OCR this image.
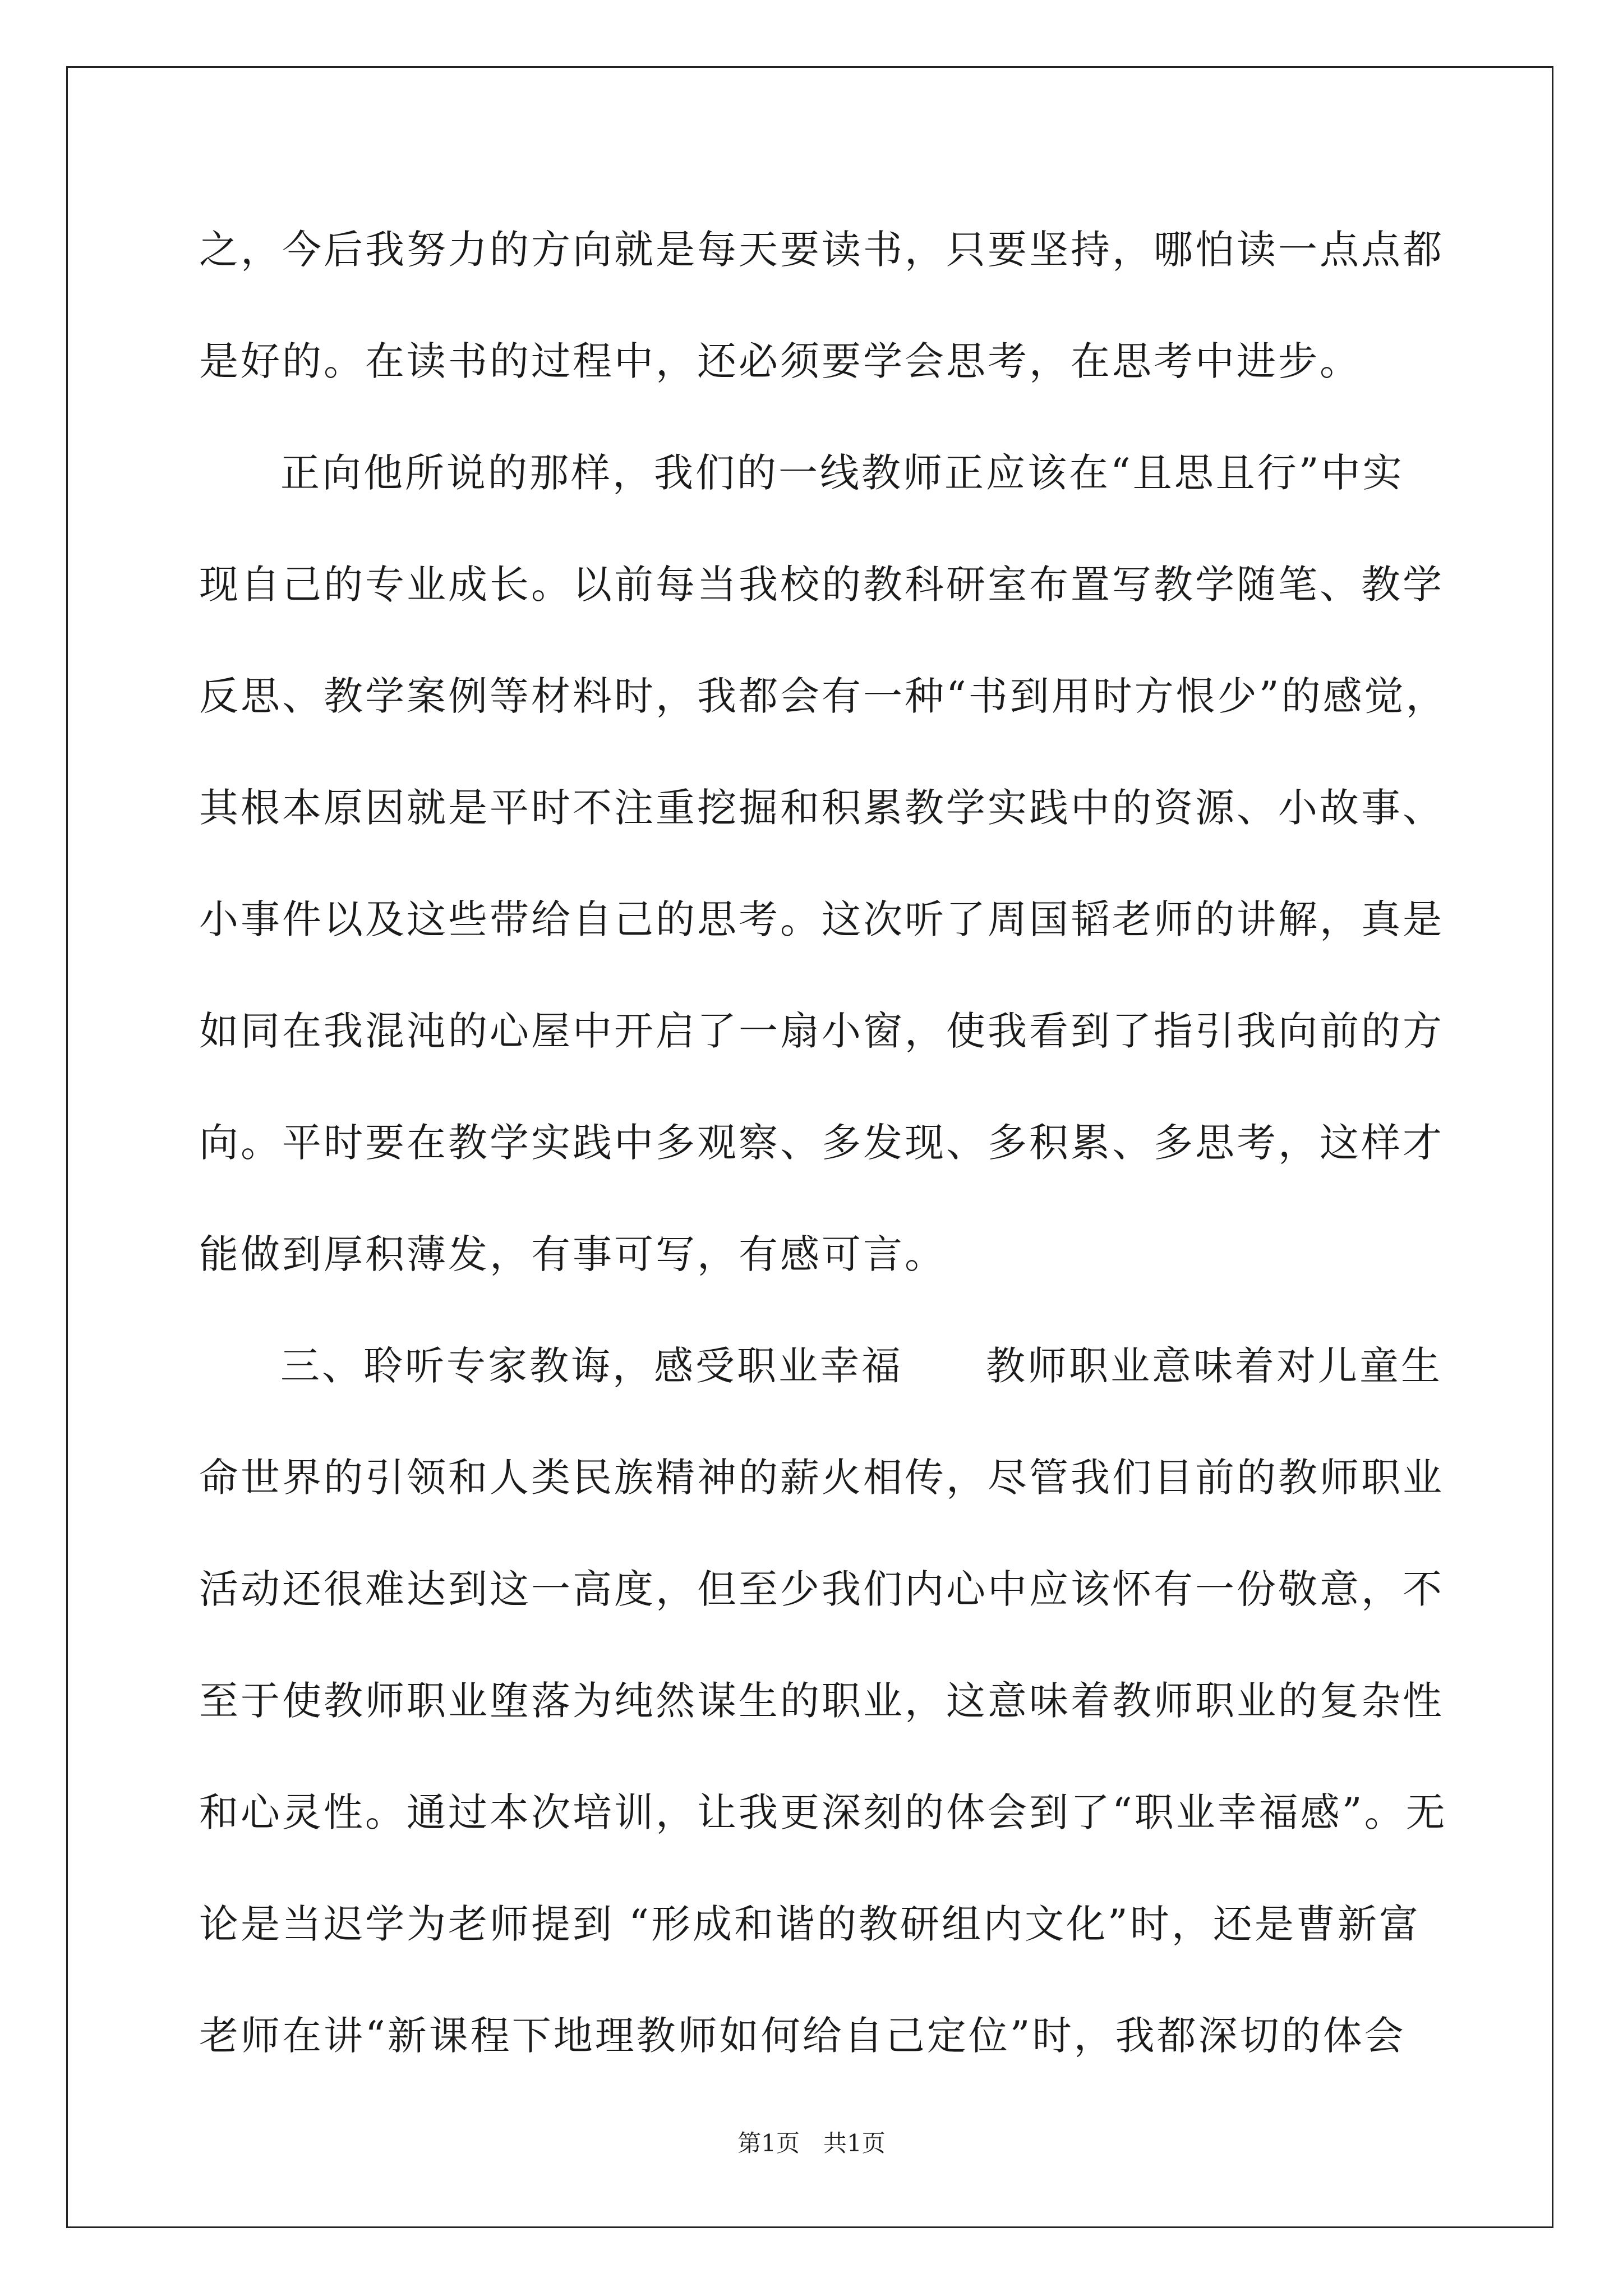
之，今后我努力的方向就是每天要读书，只要坚持，哪怕读一点点都
是好的。在读书的过程中，还必须要学会思考，在思考中进步。
正向他所说的那样，我们的一线教师正应该在“且思且行”中实
现自己的专业成长。以前每当我校的教科研室布置写教学随笔、教学
反思、教学案例等材料时，我都会有一种“书到用时方恨少”的感觉，
其根本原因就是平时不注重挖掘和积累教学实践中的资源、小故事、
小事件以及这些带给自己的思考。这次听了周国韬老师的讲解，真是
如同在我混沌的心屋中开启了一扇小窗，使我看到了指引我向前的方
向。平时要在教学实践中多观察、多发现、多积累、多思考，这样才
能做到厚积薄发，有事可写，有感可言。
三、聆听专家教诲，感受职业幸福　　教师职业意味着对儿童生
命世界的引领和人类民族精神的薪火相传，尽管我们目前的教师职业
活动还很难达到这一高度，但至少我们内心中应该怀有一份敬意，不
至于使教师职业堕落为纯然谋生的职业，这意味着教师职业的复杂性
和心灵性。通过本次培训，让我更深刻的体会到了“职业幸福感”。无
论是当迟学为老师提到 “形成和谐的教研组内文化”时，还是曹新富
老师在讲“新课程下地理教师如何给自己定位”时，我都深切的体会
第1页　共1页
